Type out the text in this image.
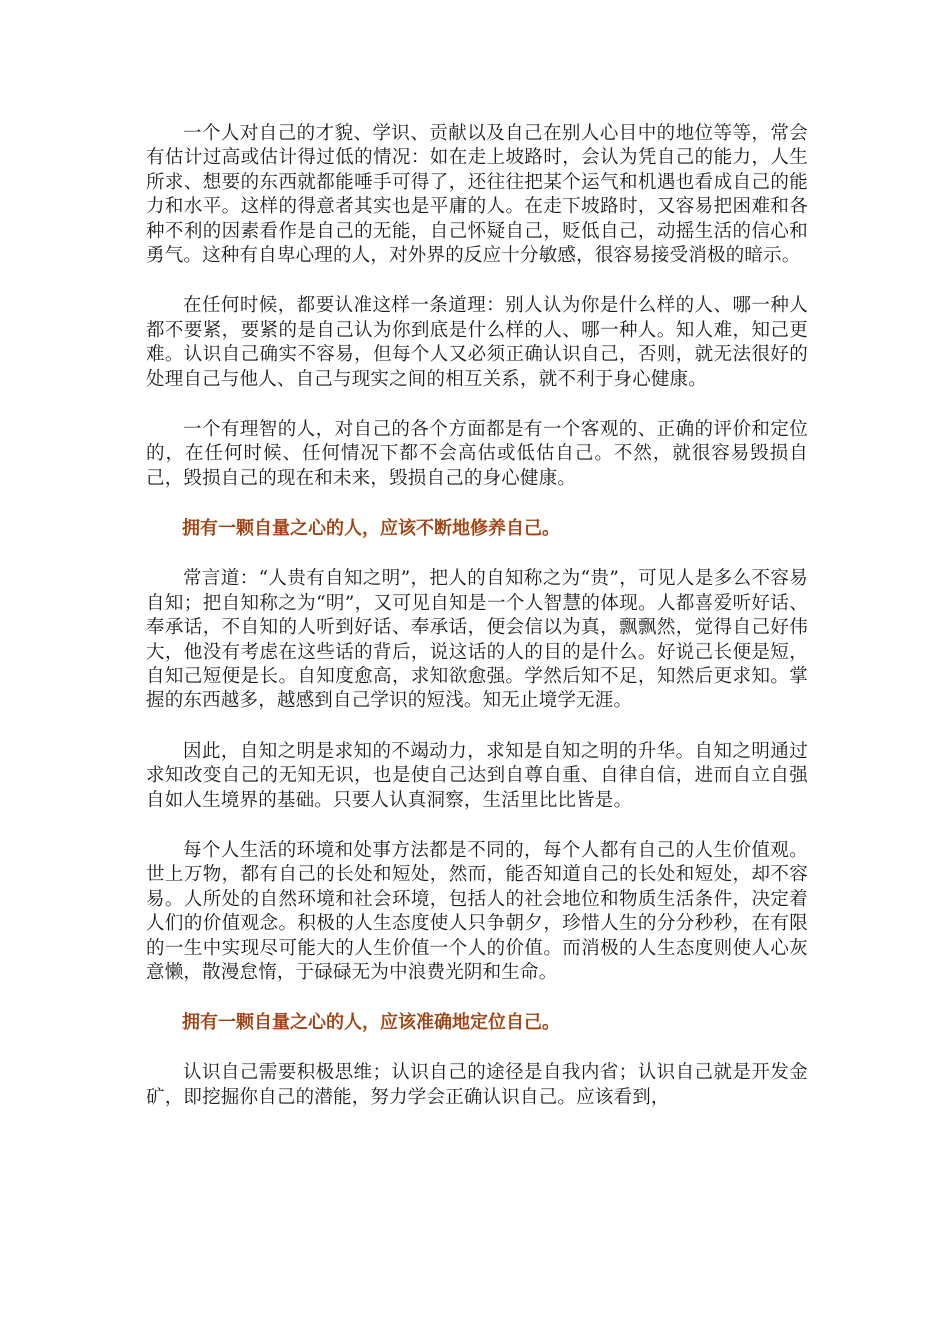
一个人对自己的才貌、学识、贡献以及自己在别人心目中的地位等等，常会有估计过高或估计得过低的情况：如在走上坡路时，会认为凭自己的能力，人生所求、想要的东西就都能唾手可得了，还往往把某个运气和机遇也看成自己的能力和水平。这样的得意者其实也是平庸的人。在走下坡路时，又容易把困难和各种不利的因素看作是自己的无能，自己怀疑自己，贬低自己，动摇生活的信心和勇气。这种有自卑心理的人，对外界的反应十分敏感，很容易接受消极的暗示。

在任何时候，都要认准这样一条道理：别人认为你是什么样的人、哪一种人都不要紧，要紧的是自己认为你到底是什么样的人、哪一种人。知人难，知己更难。认识自己确实不容易，但每个人又必须正确认识自己，否则，就无法很好的处理自己与他人、自己与现实之间的相互关系，就不利于身心健康。

一个有理智的人，对自己的各个方面都是有一个客观的、正确的评价和定位的，在任何时候、任何情况下都不会高估或低估自己。不然，就很容易毁损自己，毁损自己的现在和未来，毁损自己的身心健康。

拥有一颗自量之心的人，应该不断地修养自己。

常言道：“人贵有自知之明”，把人的自知称之为“贵”，可见人是多么不容易自知；把自知称之为“明”，又可见自知是一个人智慧的体现。人都喜爱听好话、奉承话，不自知的人听到好话、奉承话，便会信以为真，飘飘然，觉得自己好伟大，他没有考虑在这些话的背后，说这话的人的目的是什么。好说己长便是短，自知己短便是长。自知度愈高，求知欲愈强。学然后知不足，知然后更求知。掌握的东西越多，越感到自己学识的短浅。知无止境学无涯。

因此，自知之明是求知的不竭动力，求知是自知之明的升华。自知之明通过求知改变自己的无知无识，也是使自己达到自尊自重、自律自信，进而自立自强自如人生境界的基础。只要人认真洞察，生活里比比皆是。

每个人生活的环境和处事方法都是不同的，每个人都有自己的人生价值观。世上万物，都有自己的长处和短处，然而，能否知道自己的长处和短处，却不容易。人所处的自然环境和社会环境，包括人的社会地位和物质生活条件，决定着人们的价值观念。积极的人生态度使人只争朝夕，珍惜人生的分分秒秒，在有限的一生中实现尽可能大的人生价值一个人的价值。而消极的人生态度则使人心灰意懒，散漫怠惰，于碌碌无为中浪费光阴和生命。

拥有一颗自量之心的人，应该准确地定位自己。

认识自己需要积极思维；认识自己的途径是自我内省；认识自己就是开发金矿，即挖掘你自己的潜能，努力学会正确认识自己。应该看到，
